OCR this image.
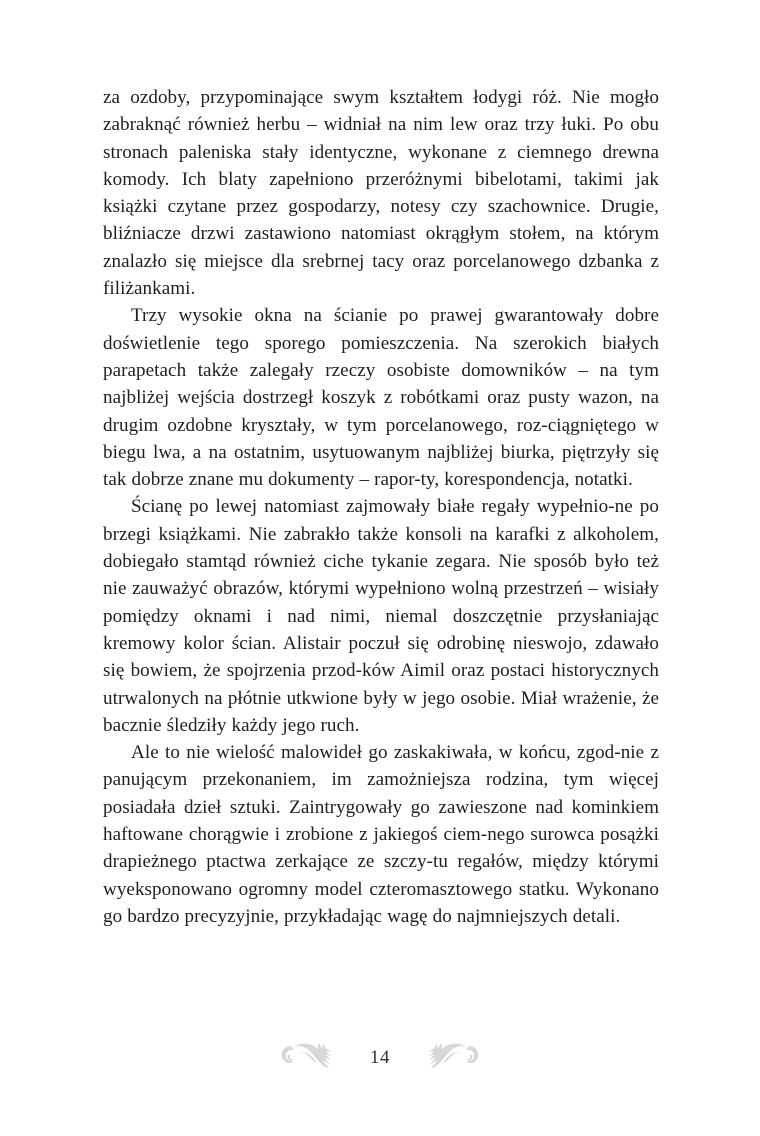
za ozdoby, przypominające swym kształtem łodygi róż. Nie mogło zabraknąć również herbu – widniał na nim lew oraz trzy łuki. Po obu stronach paleniska stały identyczne, wykonane z ciemnego drewna komody. Ich blaty zapełniono przeróżnymi bibelotami, takimi jak książki czytane przez gospodarzy, notesy czy szachownice. Drugie, bliźniacze drzwi zastawiono natomiast okrągłym stołem, na którym znalazło się miejsce dla srebrnej tacy oraz porcelanowego dzbanka z filiżankami.

Trzy wysokie okna na ścianie po prawej gwarantowały dobre doświetlenie tego sporego pomieszczenia. Na szerokich białych parapetach także zalegały rzeczy osobiste domowników – na tym najbliżej wejścia dostrzegł koszyk z robótkami oraz pusty wazon, na drugim ozdobne kryształy, w tym porcelanowego, roz-ciągniętego w biegu lwa, a na ostatnim, usytuowanym najbliżej biurka, piętrzyły się tak dobrze znane mu dokumenty – rapor-ty, korespondencja, notatki.

Ścianę po lewej natomiast zajmowały białe regały wypełnio-ne po brzegi książkami. Nie zabrakło także konsoli na karafki z alkoholem, dobiegało stamtąd również ciche tykanie zegara. Nie sposób było też nie zauważyć obrazów, którymi wypełniono wolną przestrzeń – wisiały pomiędzy oknami i nad nimi, niemal doszczętnie przysłaniając kremowy kolor ścian. Alistair poczuł się odrobinę nieswojo, zdawało się bowiem, że spojrzenia przod-ków Aimil oraz postaci historycznych utrwalonych na płótnie utkwione były w jego osobie. Miał wrażenie, że bacznie śledziły każdy jego ruch.

Ale to nie wielość malowideł go zaskakiwała, w końcu, zgod-nie z panującym przekonaniem, im zamożniejsza rodzina, tym więcej posiadała dzieł sztuki. Zaintrygowały go zawieszone nad kominkiem haftowane chorągwie i zrobione z jakiegoś ciem-nego surowca posążki drapieżnego ptactwa zerkające ze szczy-tu regałów, między którymi wyeksponowano ogromny model czteromasztowego statku. Wykonano go bardzo precyzyjnie, przykładając wagę do najmniejszych detali.

14
